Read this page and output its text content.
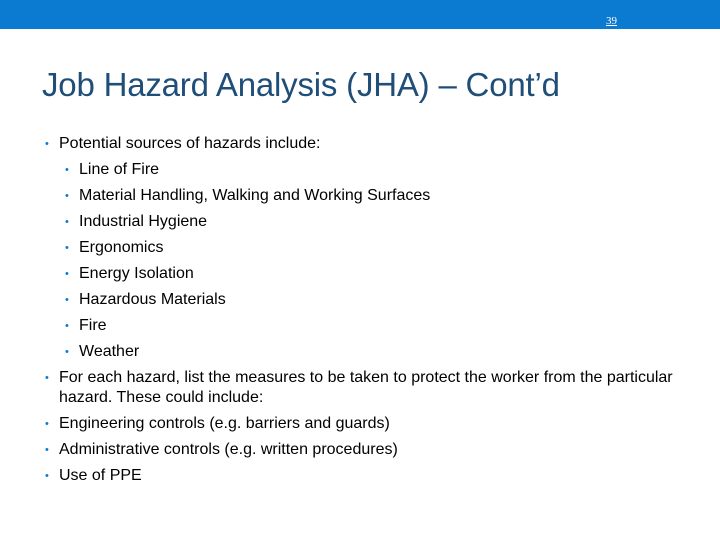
39
Job Hazard Analysis (JHA) – Cont’d
• Potential sources of hazards include:
• Line of Fire
• Material Handling, Walking and Working Surfaces
• Industrial Hygiene
• Ergonomics
• Energy Isolation
• Hazardous Materials
• Fire
• Weather
• For each hazard, list the measures to be taken to protect the worker from the particular hazard. These could include:
• Engineering controls (e.g. barriers and guards)
• Administrative controls (e.g. written procedures)
• Use of PPE
